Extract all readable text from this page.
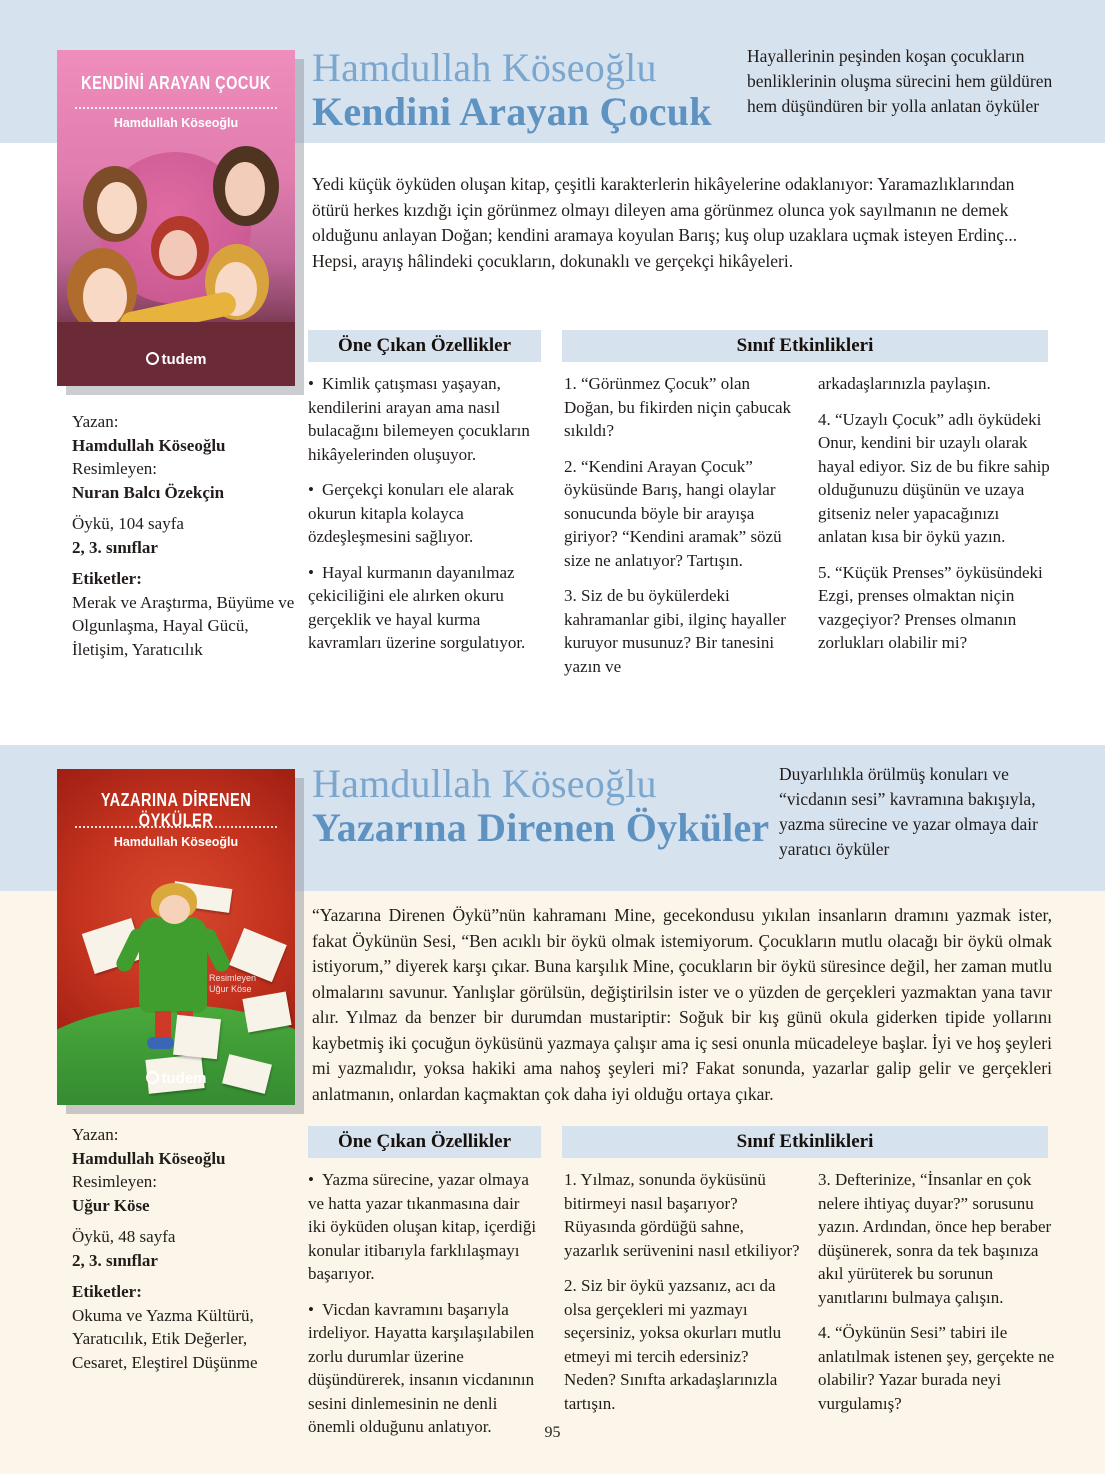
KENDİNİ ARAYAN ÇOCUK
Hamdullah Köseoğlu
tudem
Hamdullah Köseoğlu
Kendini Arayan Çocuk
Hayallerinin peşinden koşan çocukların benliklerinin oluşma sürecini hem güldüren hem düşündüren bir yolla anlatan öyküler
Yedi küçük öyküden oluşan kitap, çeşitli karakterlerin hikâyelerine odaklanıyor: Yaramazlıklarından ötürü herkes kızdığı için görünmez olmayı dileyen ama görünmez olunca yok sayılmanın ne demek olduğunu anlayan Doğan; kendini aramaya koyulan Barış; kuş olup uzaklara uçmak isteyen Erdinç... Hepsi, arayış hâlindeki çocukların, dokunaklı ve gerçekçi hikâyeleri.
Öne Çıkan Özellikler	Sınıf Etkinlikleri

• Kimlik çatışması yaşayan, kendilerini arayan ama nasıl bulacağını bilemeyen çocukların hikâyelerinden oluşuyor.

• Gerçekçi konuları ele alarak okurun kitapla kolayca özdeşleşmesini sağlıyor.

• Hayal kurmanın dayanılmaz çekiciliğini ele alırken okuru gerçeklik ve hayal kurma kavramları üzerine sorgulatıyor.

1. “Görünmez Çocuk” olan Doğan, bu fikirden niçin çabucak sıkıldı?

2. “Kendini Arayan Çocuk” öyküsünde Barış, hangi olaylar sonucunda böyle bir arayışa giriyor? “Kendini aramak” sözü size ne anlatıyor? Tartışın.

3. Siz de bu öykülerdeki kahramanlar gibi, ilginç hayaller kuruyor musunuz? Bir tanesini yazın ve

arkadaşlarınızla paylaşın.

4. “Uzaylı Çocuk” adlı öyküdeki Onur, kendini bir uzaylı olarak hayal ediyor. Siz de bu fikre sahip olduğunuzu düşünün ve uzaya gitseniz neler yapacağınızı anlatan kısa bir öykü yazın.

5. “Küçük Prenses” öyküsündeki Ezgi, prenses olmaktan niçin vazgeçiyor? Prenses olmanın zorlukları olabilir mi?

Yazan:
Hamdullah Köseoğlu
Resimleyen:
Nuran Balcı Özekçin
Öykü, 104 sayfa
2, 3. sınıflar
Etiketler:
Merak ve Araştırma, Büyüme ve Olgunlaşma, Hayal Gücü, İletişim, Yaratıcılık
Resimleyen
Uğur Köse
YAZARINA DİRENEN ÖYKÜLER
Hamdullah Köseoğlu
tudem
Hamdullah Köseoğlu
Yazarına Direnen Öyküler
Duyarlılıkla örülmüş konuları ve “vicdanın sesi” kavramına bakışıyla, yazma sürecine ve yazar olmaya dair yaratıcı öyküler
“Yazarına Direnen Öykü”nün kahramanı Mine, gecekondusu yıkılan insanların dramını yazmak ister, fakat Öykünün Sesi, “Ben acıklı bir öykü olmak istemiyorum. Çocukların mutlu olacağı bir öykü olmak istiyorum,” diyerek karşı çıkar. Buna karşılık Mine, çocukların bir öykü süresince değil, her zaman mutlu olmalarını savunur. Yanlışlar görülsün, değiştirilsin ister ve o yüzden de gerçekleri yazmaktan yana tavır alır. Yılmaz da benzer bir durumdan mustariptir: Soğuk bir kış günü okula giderken tipide yollarını kaybetmiş iki çocuğun öyküsünü yazmaya çalışır ama iç sesi onunla mücadeleye başlar. İyi ve hoş şeyleri mi yazmalıdır, yoksa hakiki ama nahoş şeyleri mi? Fakat sonunda, yazarlar galip gelir ve gerçekleri anlatmanın, onlardan kaçmaktan çok daha iyi olduğu ortaya çıkar.
Öne Çıkan Özellikler	Sınıf Etkinlikleri

• Yazma sürecine, yazar olmaya ve hatta yazar tıkanmasına dair iki öyküden oluşan kitap, içerdiği konular itibarıyla farklılaşmayı başarıyor.

• Vicdan kavramını başarıyla irdeliyor. Hayatta karşılaşılabilen zorlu durumlar üzerine düşündürerek, insanın vicdanının sesini dinlemesinin ne denli önemli olduğunu anlatıyor.

1. Yılmaz, sonunda öyküsünü bitirmeyi nasıl başarıyor? Rüyasında gördüğü sahne, yazarlık serüvenini nasıl etkiliyor?

2. Siz bir öykü yazsanız, acı da olsa gerçekleri mi yazmayı seçersiniz, yoksa okurları mutlu etmeyi mi tercih edersiniz? Neden? Sınıfta arkadaşlarınızla tartışın.

3. Defterinize, “İnsanlar en çok nelere ihtiyaç duyar?” sorusunu yazın. Ardından, önce hep beraber düşünerek, sonra da tek başınıza akıl yürüterek bu sorunun yanıtlarını bulmaya çalışın.

4. “Öykünün Sesi” tabiri ile anlatılmak istenen şey, gerçekte ne olabilir? Yazar burada neyi vurgulamış?

Yazan:
Hamdullah Köseoğlu
Resimleyen:
Uğur Köse
Öykü, 48 sayfa
2, 3. sınıflar
Etiketler:
Okuma ve Yazma Kültürü, Yaratıcılık, Etik Değerler, Cesaret, Eleştirel Düşünme
95
